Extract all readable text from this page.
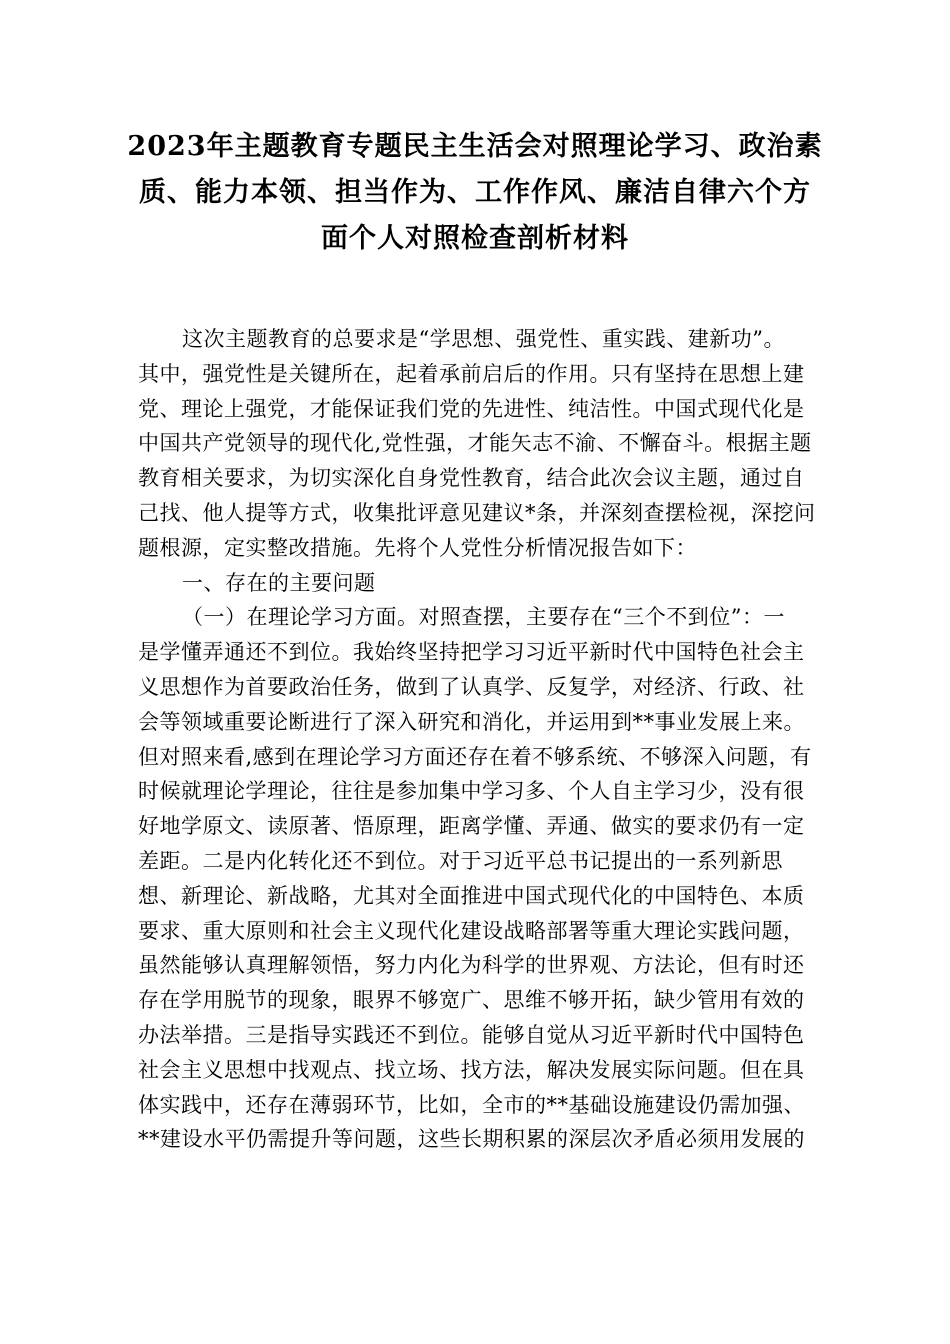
2023年主题教育专题民主生活会对照理论学习、政治素
质、能力本领、担当作为、工作作风、廉洁自律六个方
面个人对照检查剖析材料
这次主题教育的总要求是“学思想、强党性、重实践、建新功”。
其中，强党性是关键所在，起着承前启后的作用。只有坚持在思想上建
党、理论上强党，才能保证我们党的先进性、纯洁性。中国式现代化是
中国共产党领导的现代化,党性强，才能矢志不渝、不懈奋斗。根据主题
教育相关要求，为切实深化自身党性教育，结合此次会议主题，通过自
己找、他人提等方式，收集批评意见建议*条，并深刻查摆检视，深挖问
题根源，定实整改措施。先将个人党性分析情况报告如下：
一、存在的主要问题
（一）在理论学习方面。对照查摆，主要存在“三个不到位”：一
是学懂弄通还不到位。我始终坚持把学习习近平新时代中国特色社会主
义思想作为首要政治任务，做到了认真学、反复学，对经济、行政、社
会等领域重要论断进行了深入研究和消化，并运用到**事业发展上来。
但对照来看,感到在理论学习方面还存在着不够系统、不够深入问题，有
时候就理论学理论，往往是参加集中学习多、个人自主学习少，没有很
好地学原文、读原著、悟原理，距离学懂、弄通、做实的要求仍有一定
差距。二是内化转化还不到位。对于习近平总书记提出的一系列新思
想、新理论、新战略，尤其对全面推进中国式现代化的中国特色、本质
要求、重大原则和社会主义现代化建设战略部署等重大理论实践问题，
虽然能够认真理解领悟，努力内化为科学的世界观、方法论，但有时还
存在学用脱节的现象，眼界不够宽广、思维不够开拓，缺少管用有效的
办法举措。三是指导实践还不到位。能够自觉从习近平新时代中国特色
社会主义思想中找观点、找立场、找方法，解决发展实际问题。但在具
体实践中，还存在薄弱环节，比如，全市的**基础设施建设仍需加强、
**建设水平仍需提升等问题，这些长期积累的深层次矛盾必须用发展的
